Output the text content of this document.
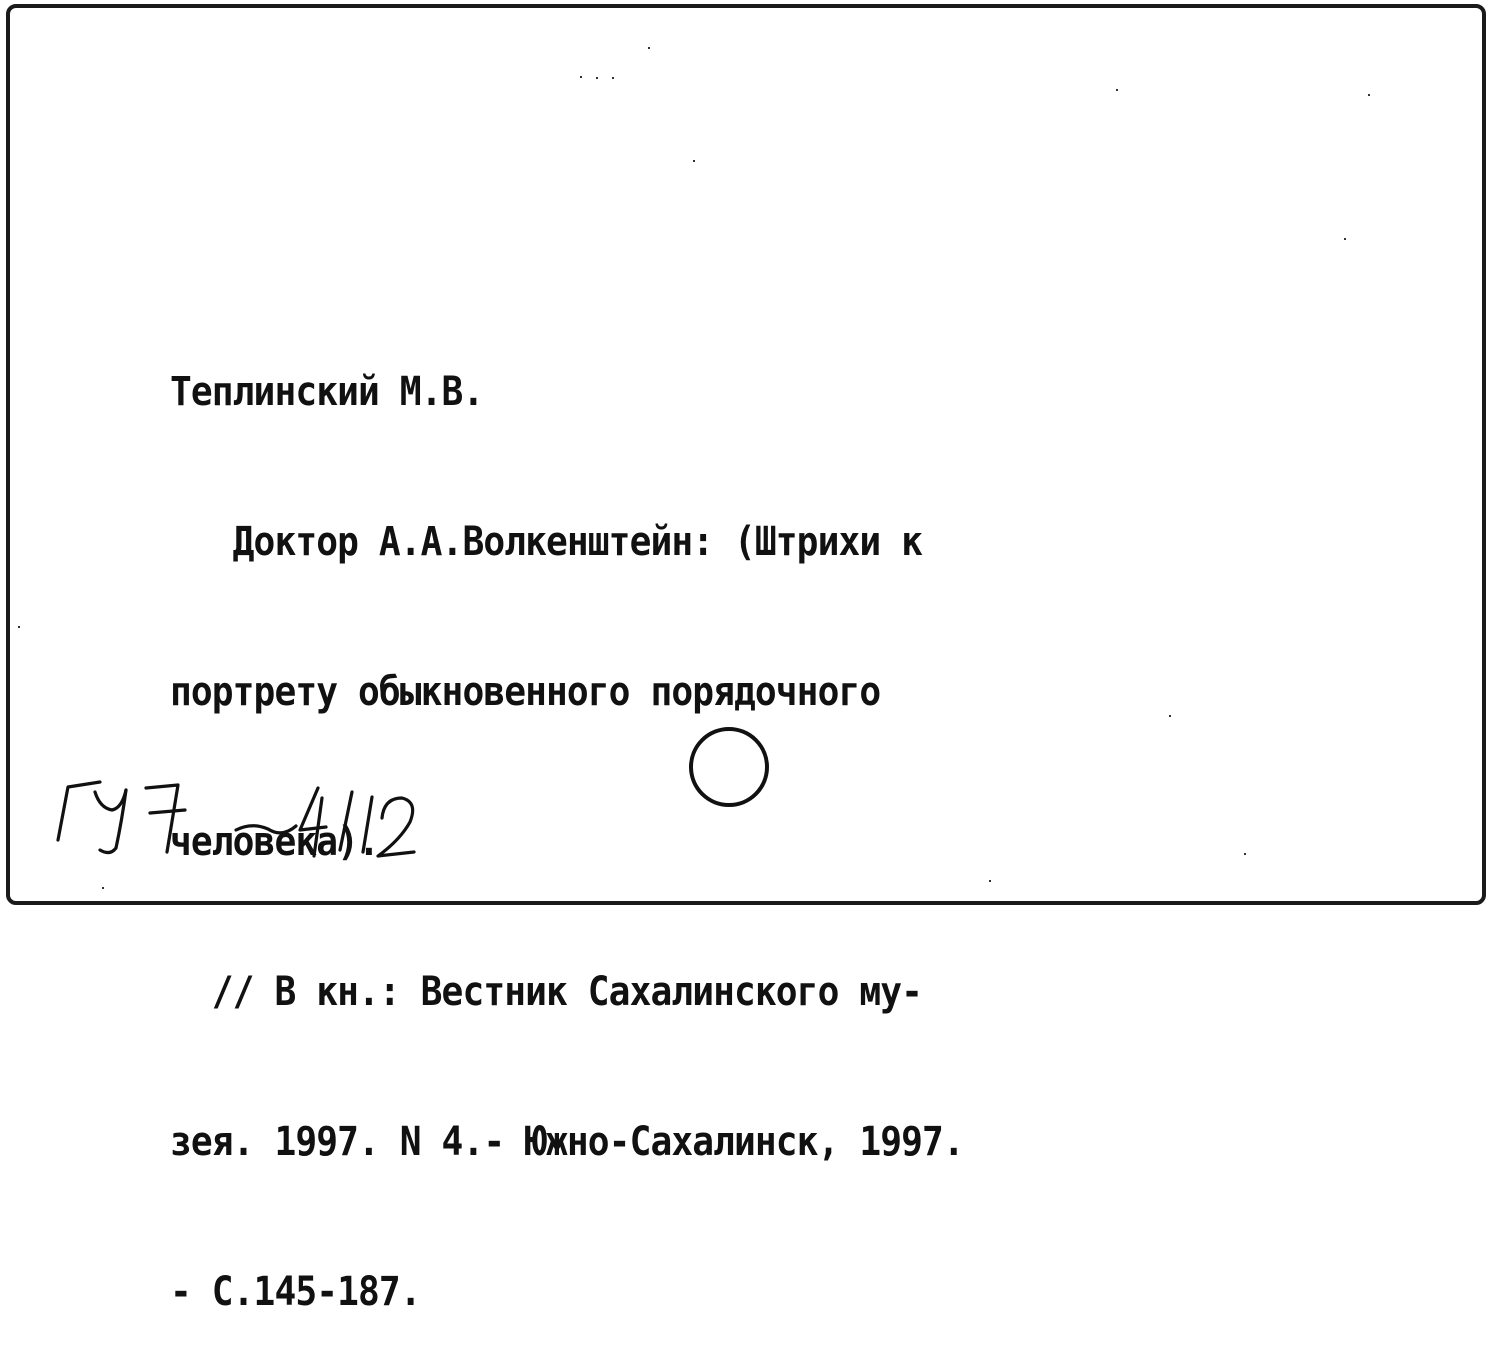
Теплинский М.В.

Доктор А.А.Волкенштейн: (Штрихи к

портрету обыкновенного порядочного

человека).

// В кн.: Вестник Сахалинского му-

зея. 1997. N 4.- Южно-Сахалинск, 1997.

- С.145-187.
